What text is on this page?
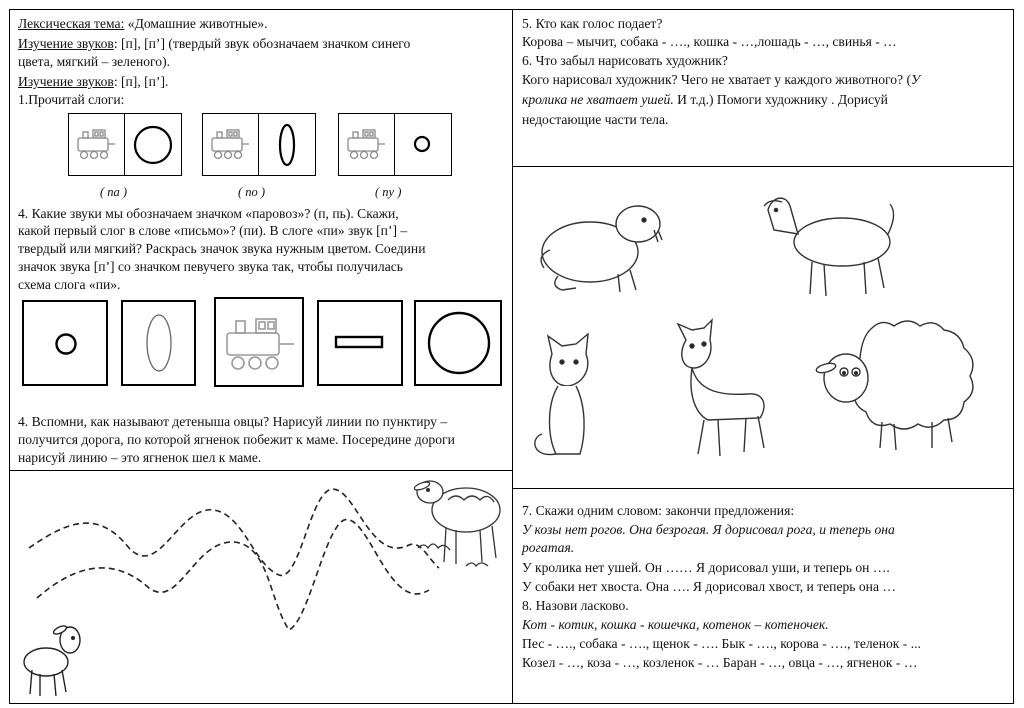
Лексическая тема: «Домашние животные».
Изучение звуков: [п], [п’] (твердый звук обозначаем значком синего
цвета, мягкий – зеленого).
Изучение звуков: [п], [п’].
1.Прочитай слоги:
( па )	( по )	( пу )
4. Какие звуки мы обозначаем значком «паровоз»? (п, пь). Скажи,
какой первый слог в слове «письмо»? (пи). В слоге «пи» звук [п’] –
твердый или мягкий? Раскрась значок звука нужным цветом. Соедини
значок звука [п’] со значком певучего звука так, чтобы получилась
схема слога «пи».
4. Вспомни, как называют детеныша овцы? Нарисуй линии по пунктиру –
получится дорога, по которой ягненок побежит к маме. Посередине дороги
нарисуй линию – это ягненок шел к маме.
5. Кто как голос подает?
Корова – мычит, собака - …., кошка - …,лошадь - …, свинья - …
6. Что забыл нарисовать художник?
Кого нарисовал художник? Чего не хватает у каждого животного? (У
кролика не хватает ушей. И т.д.) Помоги художнику . Дорисуй
недостающие части тела.
7. Скажи одним словом: закончи предложения:
У козы нет рогов. Она безрогая. Я дорисовал рога, и теперь она
рогатая.
У кролика нет ушей. Он …… Я дорисовал уши, и теперь он ….
У собаки нет хвоста. Она …. Я дорисовал хвост, и теперь она …
8. Назови ласково.
Кот - котик, кошка - кошечка, котенок – котеночек.
Пес - …., собака - …., щенок - …. Бык - …., корова - …., теленок - ...
Козел - …, коза - …, козленок - … Баран - …, овца - …, ягненок - …
